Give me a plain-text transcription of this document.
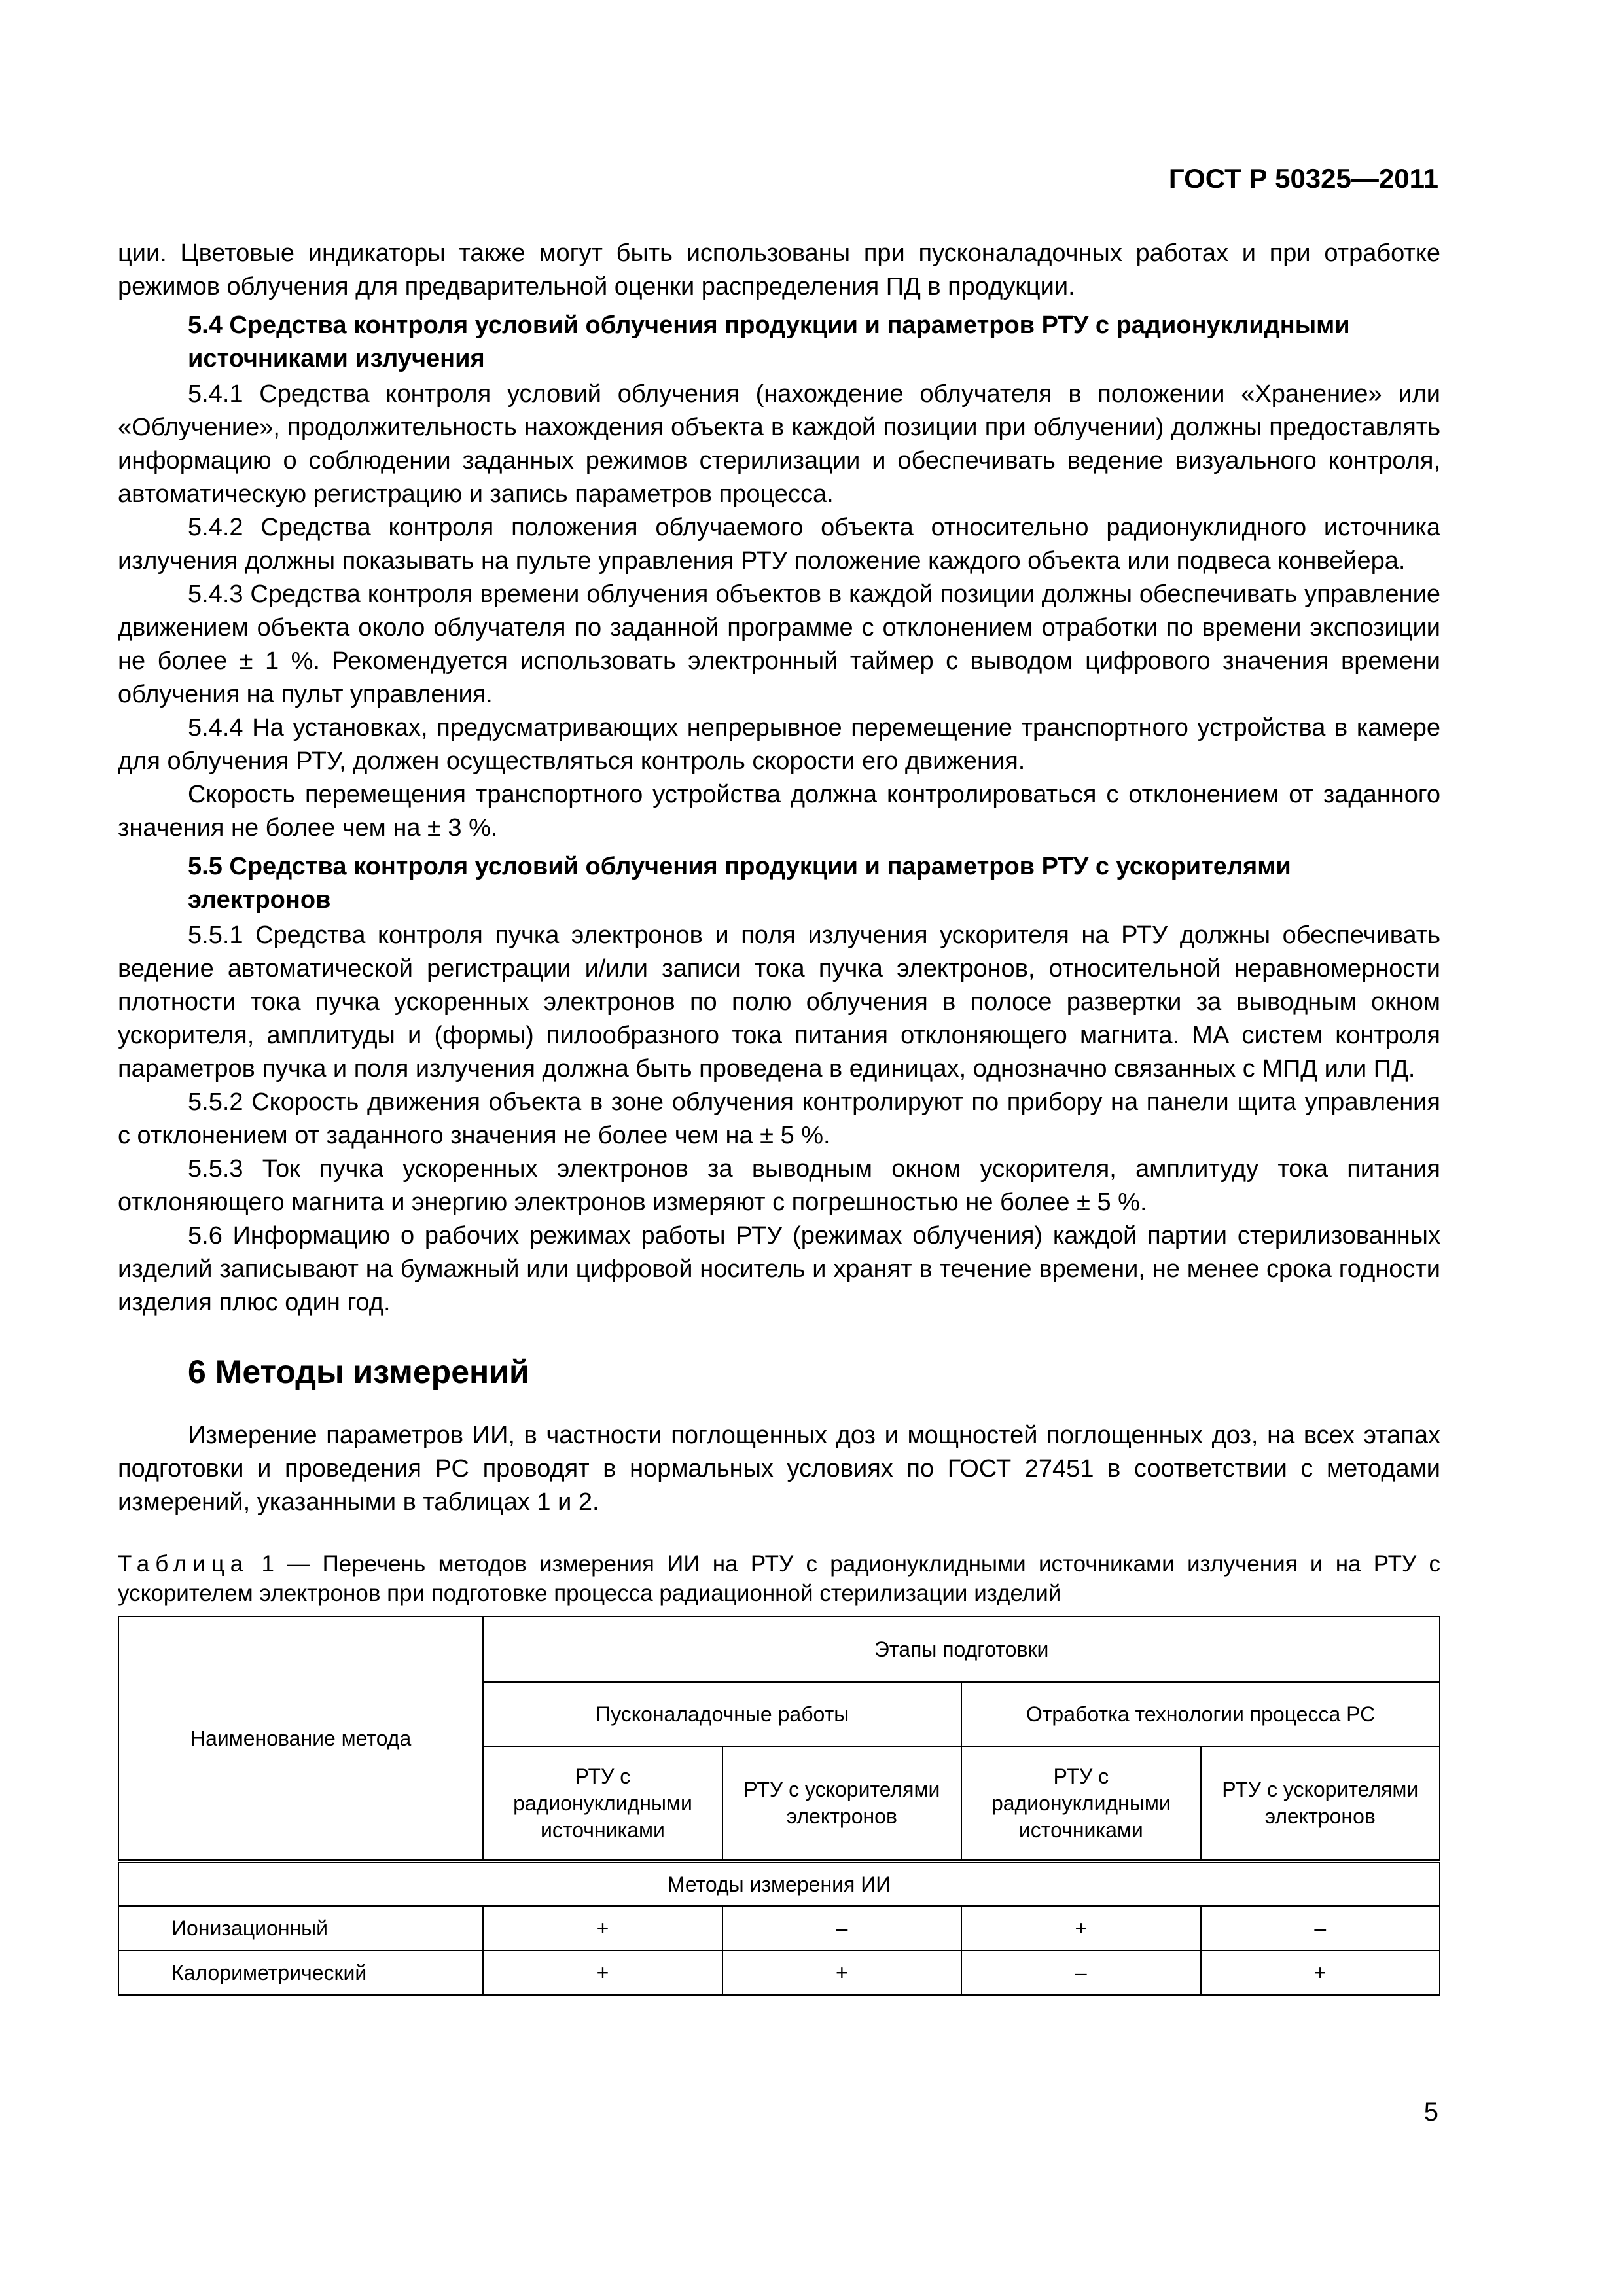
ГОСТ Р 50325—2011

ции. Цветовые индикаторы также могут быть использованы при пусконаладочных работах и при отработке режимов облучения для предварительной оценки распределения ПД в продукции.

5.4 Средства контроля условий облучения продукции и параметров РТУ с радионуклидными источниками излучения

5.4.1 Средства контроля условий облучения (нахождение облучателя в положении «Хранение» или «Облучение», продолжительность нахождения объекта в каждой позиции при облучении) должны предоставлять информацию о соблюдении заданных режимов стерилизации и обеспечивать ведение визуального контроля, автоматическую регистрацию и запись параметров процесса.

5.4.2 Средства контроля положения облучаемого объекта относительно радионуклидного источника излучения должны показывать на пульте управления РТУ положение каждого объекта или подвеса конвейера.

5.4.3 Средства контроля времени облучения объектов в каждой позиции должны обеспечивать управление движением объекта около облучателя по заданной программе с отклонением отработки по времени экспозиции не более ± 1 %. Рекомендуется использовать электронный таймер с выводом цифрового значения времени облучения на пульт управления.

5.4.4 На установках, предусматривающих непрерывное перемещение транспортного устройства в камере для облучения РТУ, должен осуществляться контроль скорости его движения.

Скорость перемещения транспортного устройства должна контролироваться с отклонением от заданного значения не более чем на ± 3 %.

5.5 Средства контроля условий облучения продукции и параметров РТУ с ускорителями электронов

5.5.1 Средства контроля пучка электронов и поля излучения ускорителя на РТУ должны обеспечивать ведение автоматической регистрации и/или записи тока пучка электронов, относительной неравномерности плотности тока пучка ускоренных электронов по полю облучения в полосе развертки за выводным окном ускорителя, амплитуды и (формы) пилообразного тока питания отклоняющего магнита. МА систем контроля параметров пучка и поля излучения должна быть проведена в единицах, однозначно связанных с МПД или ПД.

5.5.2 Скорость движения объекта в зоне облучения контролируют по прибору на панели щита управления с отклонением от заданного значения не более чем на ± 5 %.

5.5.3 Ток пучка ускоренных электронов за выводным окном ускорителя, амплитуду тока питания отклоняющего магнита и энергию электронов измеряют с погрешностью не более ± 5 %.

5.6 Информацию о рабочих режимах работы РТУ (режимах облучения) каждой партии стерилизованных изделий записывают на бумажный или цифровой носитель и хранят в течение времени, не менее срока годности изделия плюс один год.

6 Методы измерений

Измерение параметров ИИ, в частности поглощенных доз и мощностей поглощенных доз, на всех этапах подготовки и проведения РС проводят в нормальных условиях по ГОСТ 27451 в соответствии с методами измерений, указанными в таблицах 1 и 2.

Таблица 1 — Перечень методов измерения ИИ на РТУ с радионуклидными источниками излучения и на РТУ с ускорителем электронов при подготовке процесса радиационной стерилизации изделий
Наименование метода	Этапы подготовки			
	Пусконаладочные работы		Отработка технологии процесса РС	
	РТУ с радионуклидными источниками	РТУ с ускорителями электронов	РТУ с радионуклидными источниками	РТУ с ускорителями электронов
Методы измерения ИИ				
Ионизационный	+	–	+	–
Калориметрический	+	+	–	+
5
